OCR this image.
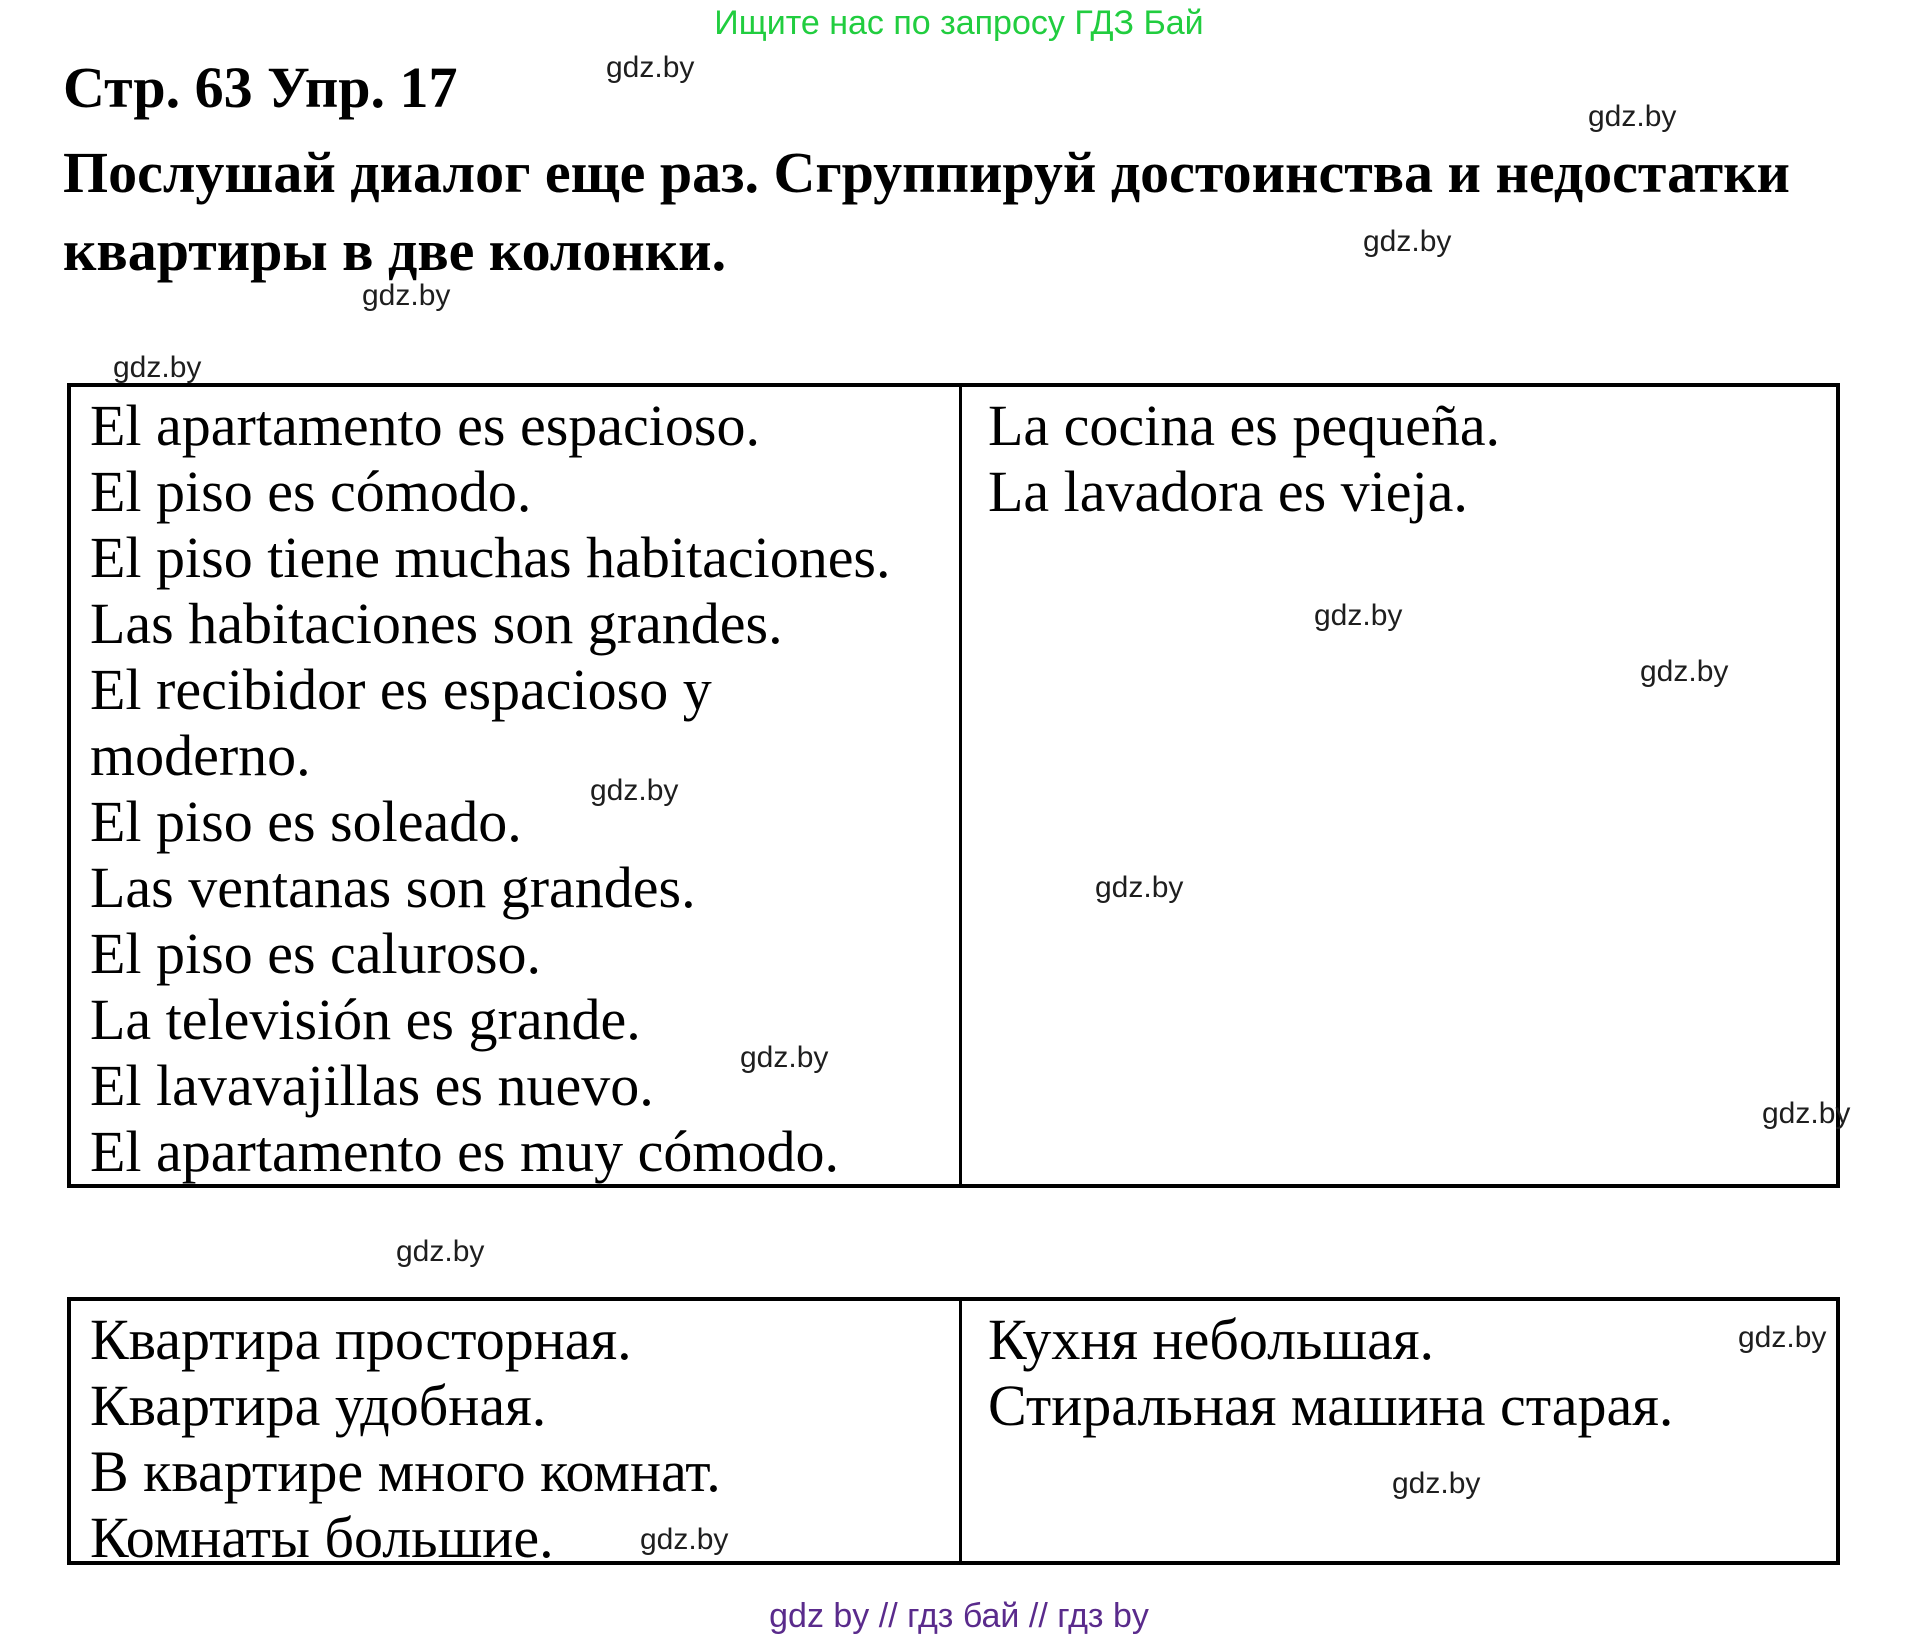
Ищите нас по запросу ГДЗ Бай
Стр. 63 Упр. 17
Послушай диалог еще раз. Сгруппируй достоинства и недостатки
квартиры в две колонки.
El apartamento es espacioso.
El piso es cómodo.
El piso tiene muchas habitaciones.
Las habitaciones son grandes.
El recibidor es espacioso y moderno.
El piso es soleado.
Las ventanas son grandes.
El piso es caluroso.
La televisión es grande.
El lavavajillas es nuevo.
El apartamento es muy cómodo.
La cocina es pequeña.
La lavadora es vieja.
Квартира просторная.
Квартира удобная.
В квартире много комнат.
Комнаты большие.
Кухня небольшая.
Стиральная машина старая.
gdz by // гдз бай // гдз by
gdz.by
gdz.by
gdz.by
gdz.by
gdz.by
gdz.by
gdz.by
gdz.by
gdz.by
gdz.by
gdz.by
gdz.by
gdz.by
gdz.by
gdz.by
